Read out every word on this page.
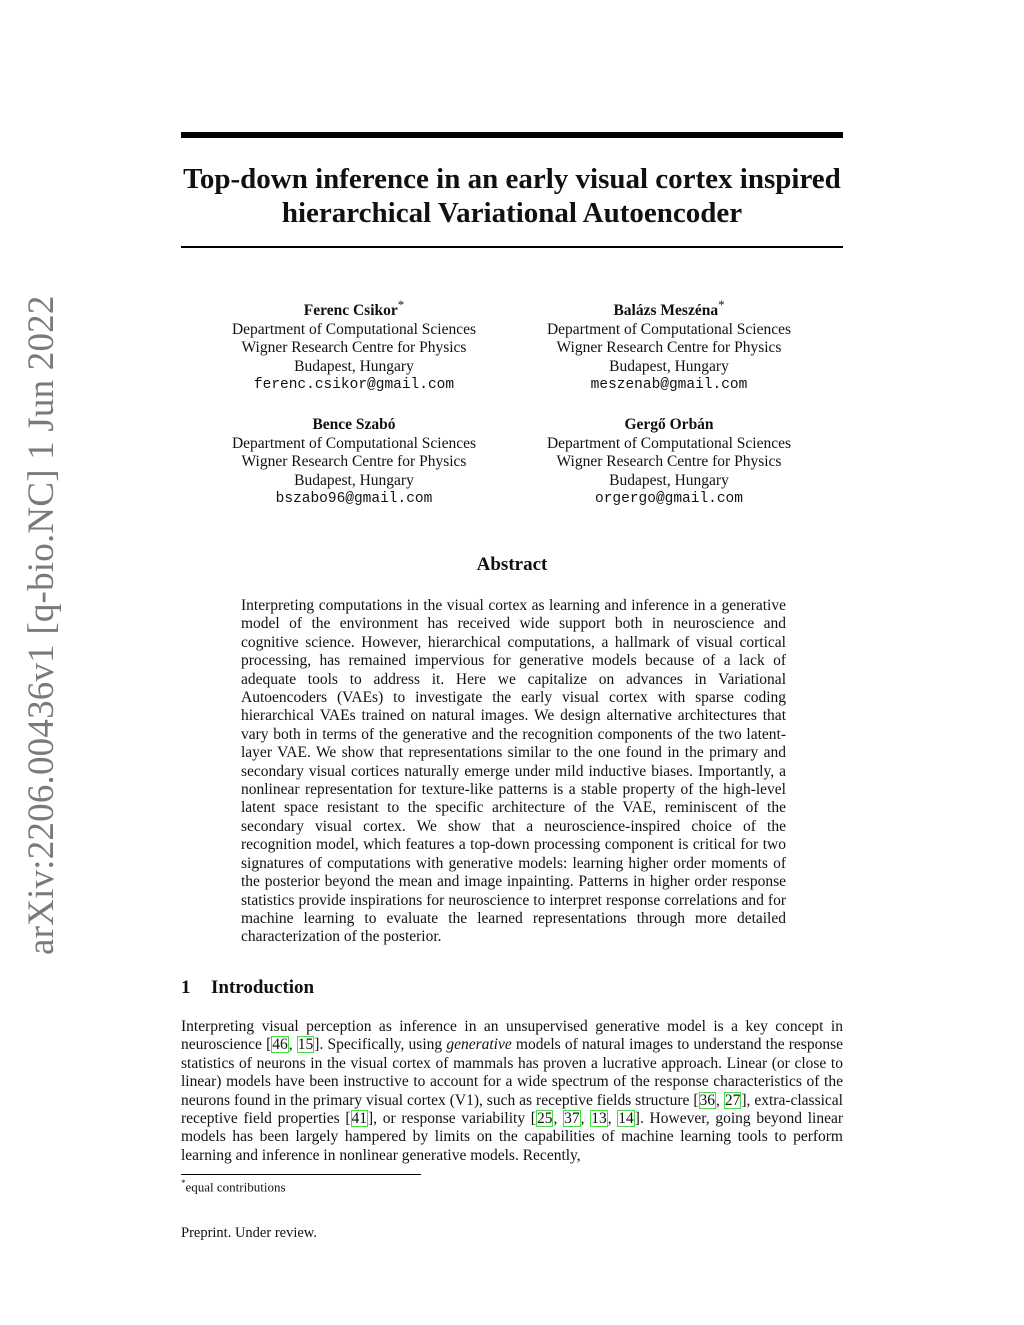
arXiv:2206.00436v1 [q-bio.NC] 1 Jun 2022
Top-down inference in an early visual cortex inspired hierarchical Variational Autoencoder
Ferenc Csikor*
Department of Computational Sciences
Wigner Research Centre for Physics
Budapest, Hungary
ferenc.csikor@gmail.com
Balázs Meszéna*
Department of Computational Sciences
Wigner Research Centre for Physics
Budapest, Hungary
meszenab@gmail.com
Bence Szabó
Department of Computational Sciences
Wigner Research Centre for Physics
Budapest, Hungary
bszabo96@gmail.com
Gergő Orbán
Department of Computational Sciences
Wigner Research Centre for Physics
Budapest, Hungary
orgergo@gmail.com
Abstract
Interpreting computations in the visual cortex as learning and inference in a generative model of the environment has received wide support both in neuroscience and cognitive science. However, hierarchical computations, a hallmark of visual cortical processing, has remained impervious for generative models because of a lack of adequate tools to address it. Here we capitalize on advances in Variational Autoencoders (VAEs) to investigate the early visual cortex with sparse coding hierarchical VAEs trained on natural images. We design alternative architectures that vary both in terms of the generative and the recognition components of the two latent-layer VAE. We show that representations similar to the one found in the primary and secondary visual cortices naturally emerge under mild inductive biases. Importantly, a nonlinear representation for texture-like patterns is a stable property of the high-level latent space resistant to the specific architecture of the VAE, reminiscent of the secondary visual cortex. We show that a neuroscience-inspired choice of the recognition model, which features a top-down processing component is critical for two signatures of computations with generative models: learning higher order moments of the posterior beyond the mean and image inpainting. Patterns in higher order response statistics provide inspirations for neuroscience to interpret response correlations and for machine learning to evaluate the learned representations through more detailed characterization of the posterior.
1 Introduction
Interpreting visual perception as inference in an unsupervised generative model is a key concept in neuroscience [46, 15]. Specifically, using generative models of natural images to understand the response statistics of neurons in the visual cortex of mammals has proven a lucrative approach. Linear (or close to linear) models have been instructive to account for a wide spectrum of the response characteristics of the neurons found in the primary visual cortex (V1), such as receptive fields structure [36, 27], extra-classical receptive field properties [41], or response variability [25, 37, 13, 14]. However, going beyond linear models has been largely hampered by limits on the capabilities of machine learning tools to perform learning and inference in nonlinear generative models. Recently,
*equal contributions
Preprint. Under review.
